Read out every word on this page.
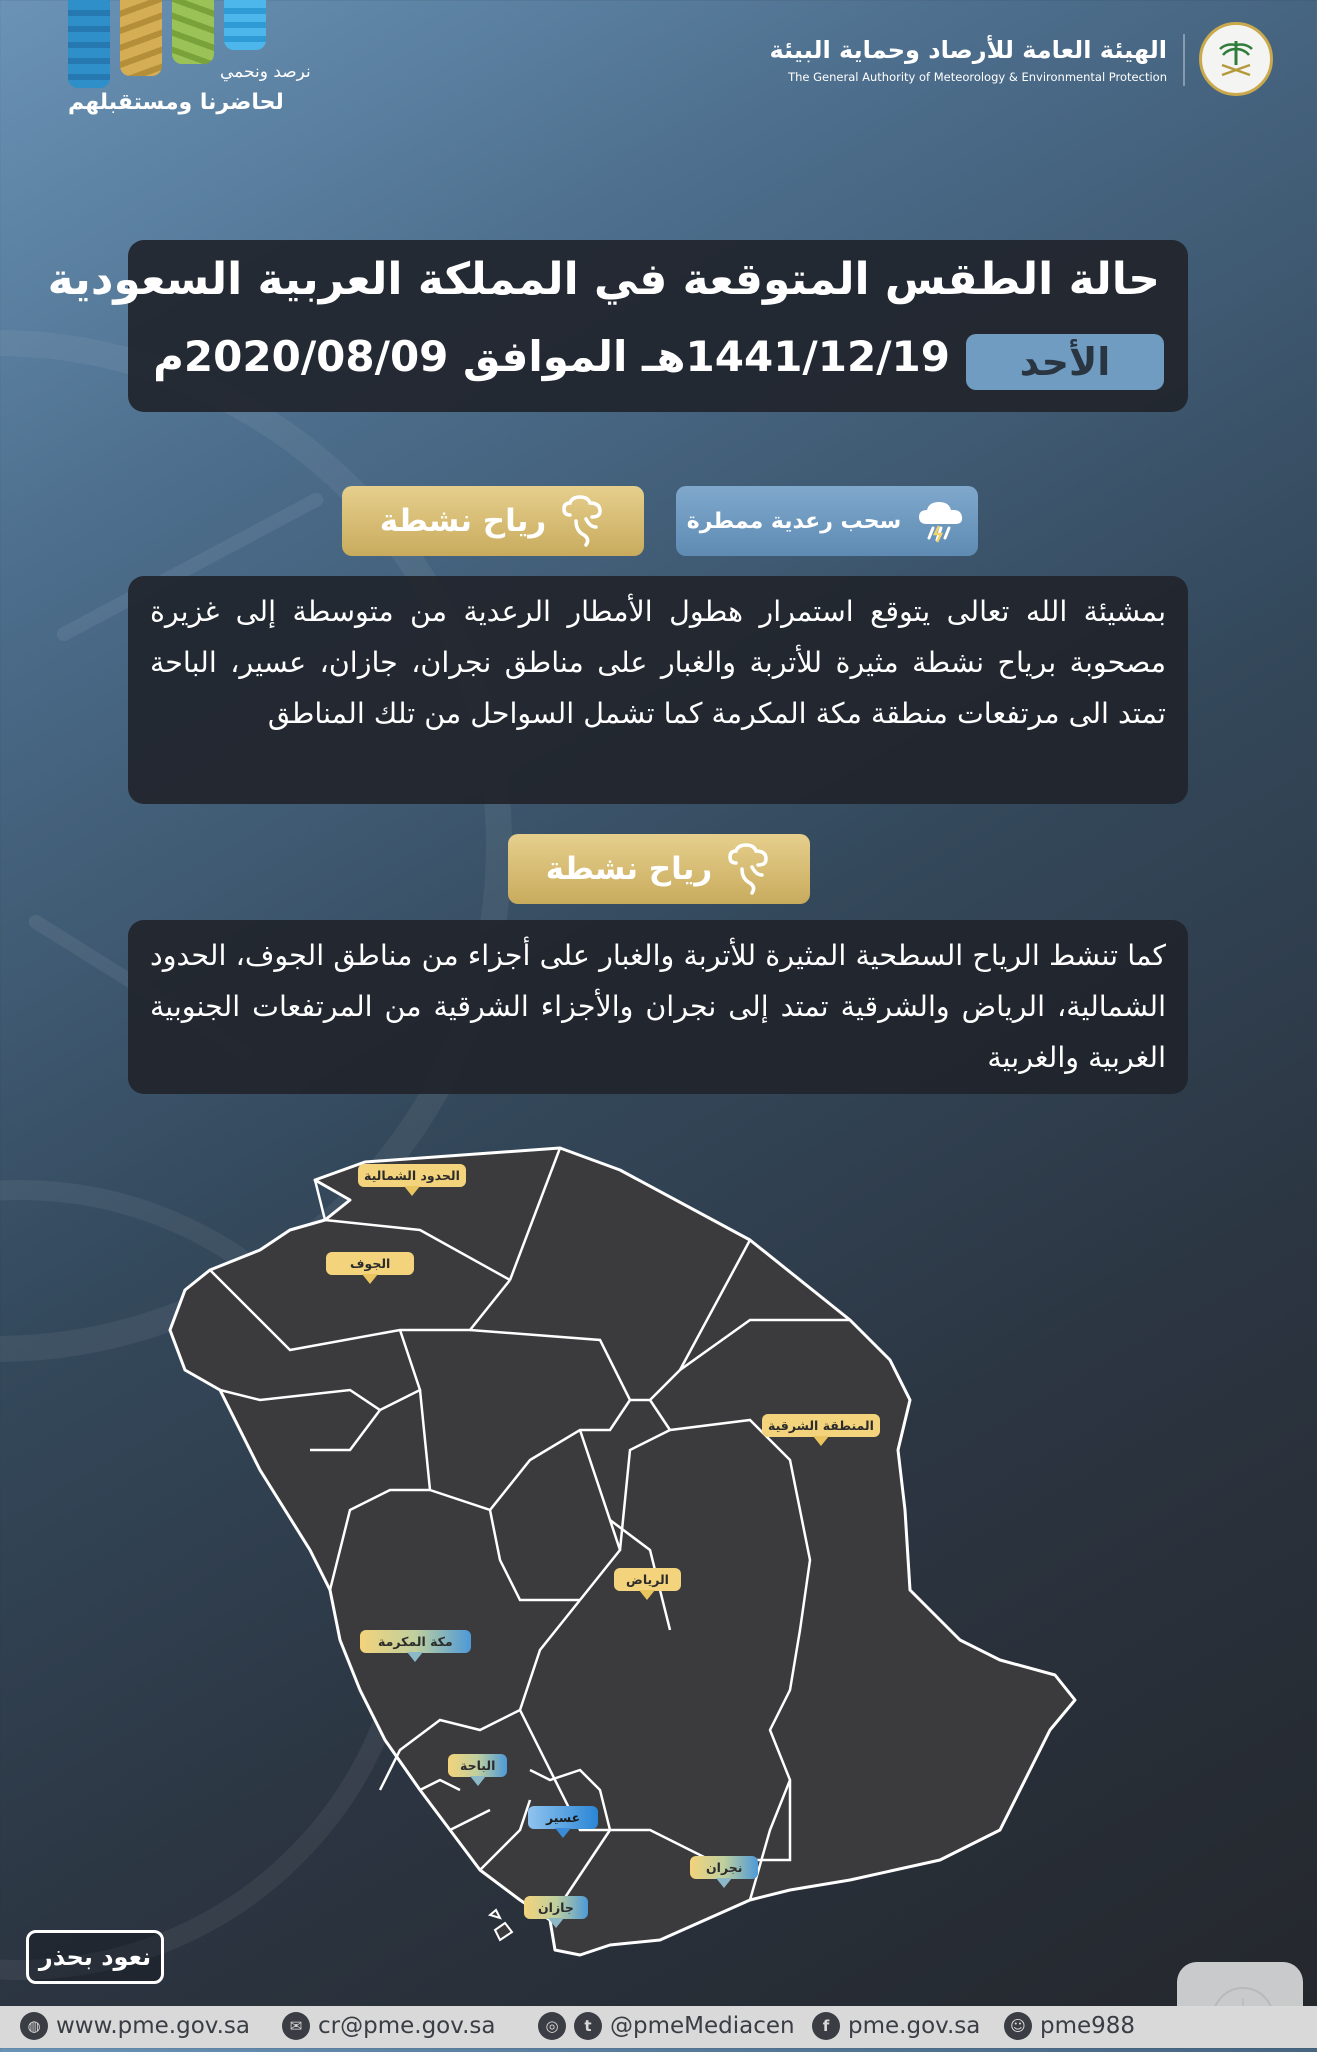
نرصد ونحمي
لحاضرنا ومستقبلهم
الهيئة العامة للأرصاد وحماية البيئة
The General Authority of Meteorology & Environmental Protection
حالة الطقس المتوقعة في المملكة العربية السعودية
الأحد
1441/12/19هـ الموافق 2020/08/09م
سحب رعدية ممطرة
رياح نشطة
بمشيئة الله تعالى يتوقع استمرار هطول الأمطار الرعدية من متوسطة إلى غزيرة مصحوبة برياح نشطة مثيرة للأتربة والغبار على مناطق نجران، جازان، عسير، الباحة تمتد الى مرتفعات منطقة مكة المكرمة كما تشمل السواحل من تلك المناطق
رياح نشطة
كما تنشط الرياح السطحية المثيرة للأتربة والغبار على أجزاء من مناطق الجوف، الحدود الشمالية، الرياض والشرقية تمتد إلى نجران والأجزاء الشرقية من المرتفعات الجنوبية الغربية والغربية
الحدود الشمالية
الجوف
المنطقة الشرقية
الرياض
مكة المكرمة
الباحة
عسير
نجران
جازان
نعود بحذر
◍ www.pme.gov.sa	✉ cr@pme.gov.sa	◎	t @pmeMediacen	f pme.gov.sa	☺ pme988
